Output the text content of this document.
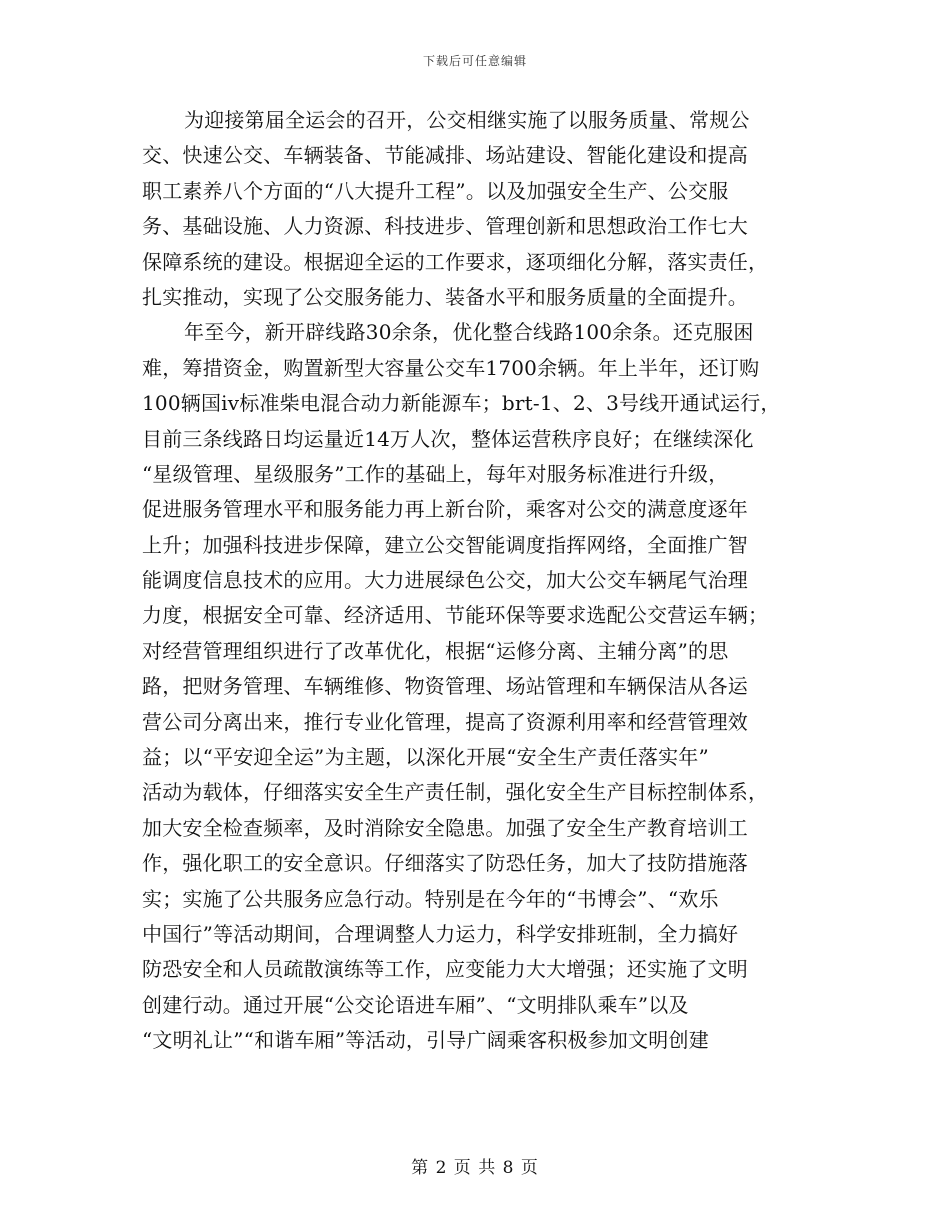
下载后可任意编辑
为迎接第届全运会的召开，公交相继实施了以服务质量、常规公
交、快速公交、车辆装备、节能减排、场站建设、智能化建设和提高
职工素养八个方面的“八大提升工程”。以及加强安全生产、公交服
务、基础设施、人力资源、科技进步、管理创新和思想政治工作七大
保障系统的建设。根据迎全运的工作要求，逐项细化分解，落实责任，
扎实推动，实现了公交服务能力、装备水平和服务质量的全面提升。
年至今，新开辟线路30余条，优化整合线路100余条。还克服困
难，筹措资金，购置新型大容量公交车1700余辆。年上半年，还订购
100辆国iv标准柴电混合动力新能源车；brt-1、2、3号线开通试运行，
目前三条线路日均运量近14万人次，整体运营秩序良好；在继续深化
“星级管理、星级服务”工作的基础上，每年对服务标准进行升级，
促进服务管理水平和服务能力再上新台阶，乘客对公交的满意度逐年
上升；加强科技进步保障，建立公交智能调度指挥网络，全面推广智
能调度信息技术的应用。大力进展绿色公交，加大公交车辆尾气治理
力度，根据安全可靠、经济适用、节能环保等要求选配公交营运车辆；
对经营管理组织进行了改革优化，根据“运修分离、主辅分离”的思
路，把财务管理、车辆维修、物资管理、场站管理和车辆保洁从各运
营公司分离出来，推行专业化管理，提高了资源利用率和经营管理效
益；以“平安迎全运”为主题，以深化开展“安全生产责任落实年”
活动为载体，仔细落实安全生产责任制，强化安全生产目标控制体系，
加大安全检查频率，及时消除安全隐患。加强了安全生产教育培训工
作，强化职工的安全意识。仔细落实了防恐任务，加大了技防措施落
实；实施了公共服务应急行动。特别是在今年的“书博会”、“欢乐
中国行”等活动期间，合理调整人力运力，科学安排班制，全力搞好
防恐安全和人员疏散演练等工作，应变能力大大增强；还实施了文明
创建行动。通过开展“公交论语进车厢”、“文明排队乘车”以及
“文明礼让”“和谐车厢”等活动，引导广阔乘客积极参加文明创建
第 2 页 共 8 页
